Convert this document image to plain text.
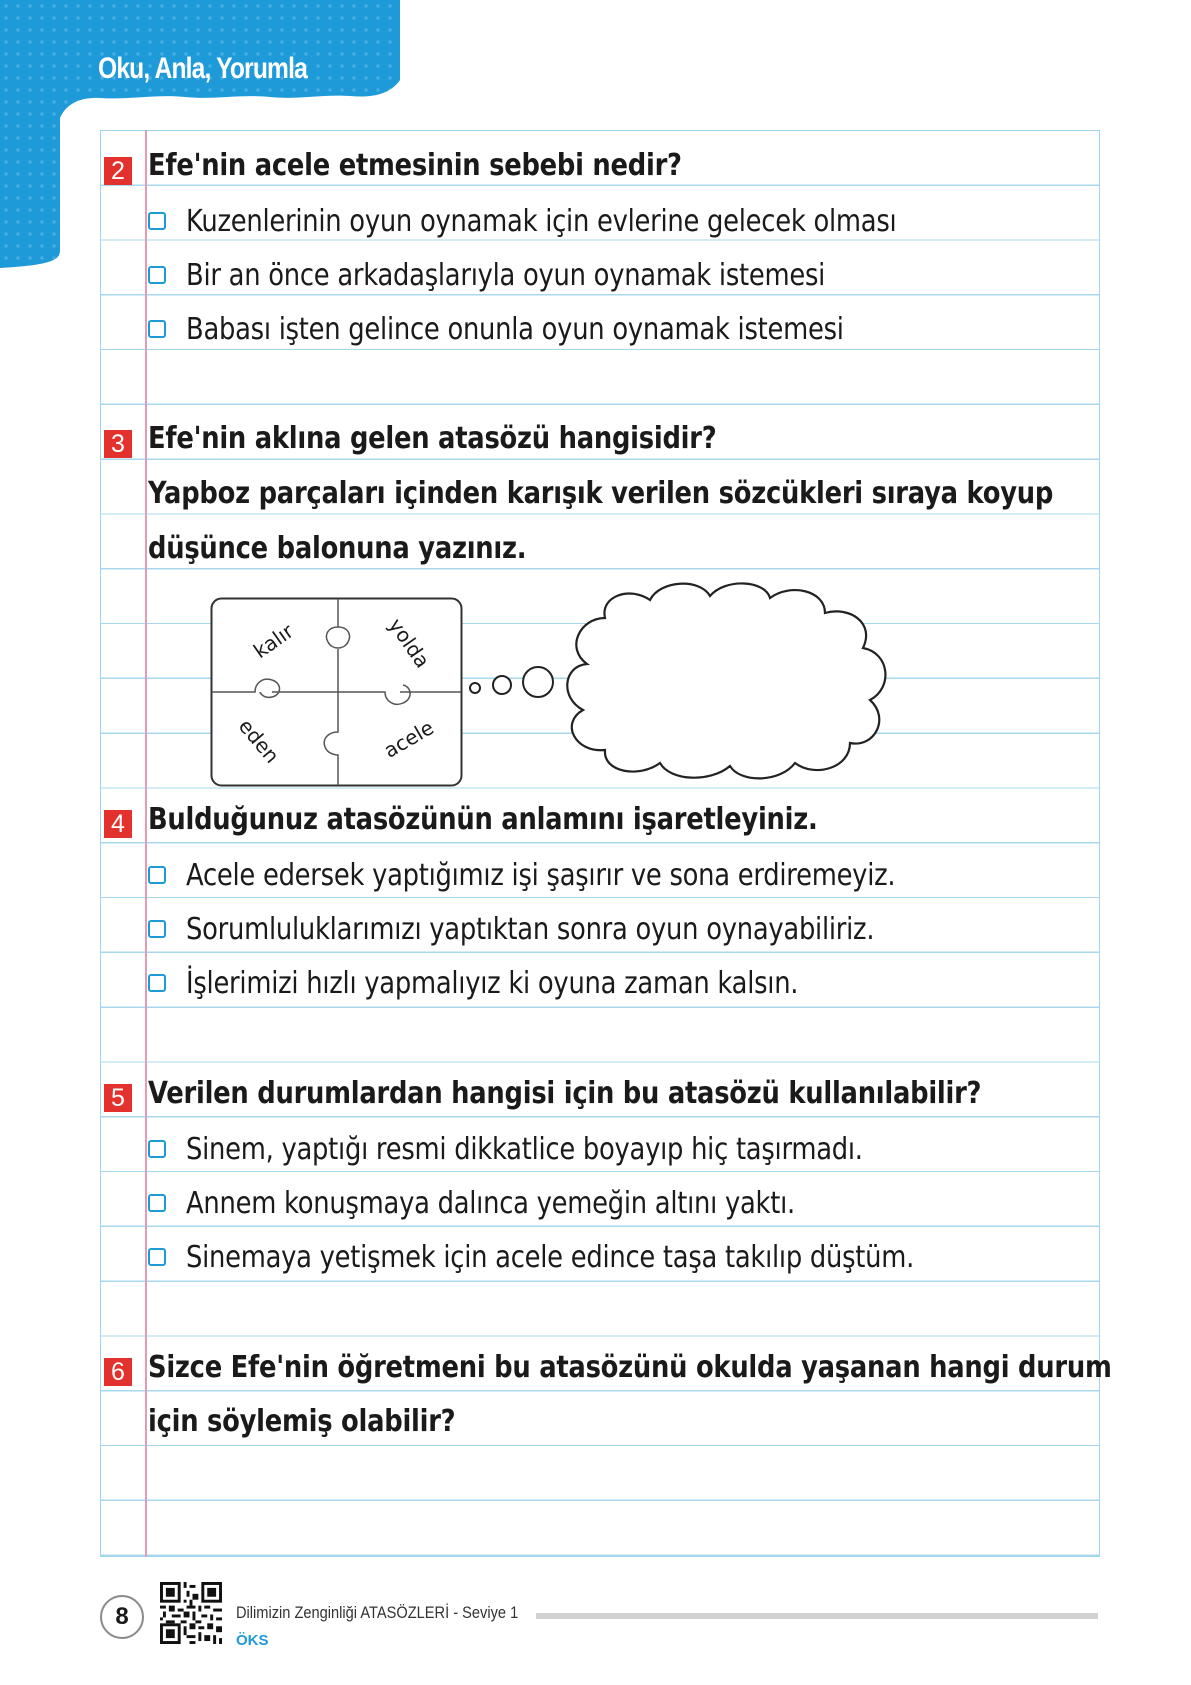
Oku, Anla, Yorumla
2 Efe'nin acele etmesinin sebebi nedir?
Kuzenlerinin oyun oynamak için evlerine gelecek olması
Bir an önce arkadaşlarıyla oyun oynamak istemesi
Babası işten gelince onunla oyun oynamak istemesi
3 Efe'nin aklına gelen atasözü hangisidir?
Yapboz parçaları içinden karışık verilen sözcükleri sıraya koyup
düşünce balonuna yazınız.
kalır	yolda
eden	acele
4 Bulduğunuz atasözünün anlamını işaretleyiniz.
Acele edersek yaptığımız işi şaşırır ve sona erdiremeyiz.
Sorumluluklarımızı yaptıktan sonra oyun oynayabiliriz.
İşlerimizi hızlı yapmalıyız ki oyuna zaman kalsın.
5 Verilen durumlardan hangisi için bu atasözü kullanılabilir?
Sinem, yaptığı resmi dikkatlice boyayıp hiç taşırmadı.
Annem konuşmaya dalınca yemeğin altını yaktı.
Sinemaya yetişmek için acele edince taşa takılıp düştüm.
6 Sizce Efe'nin öğretmeni bu atasözünü okulda yaşanan hangi durum
için söylemiş olabilir?
8	Dilimizin Zenginliği ATASÖZLERİ - Seviye 1
ÖKS
